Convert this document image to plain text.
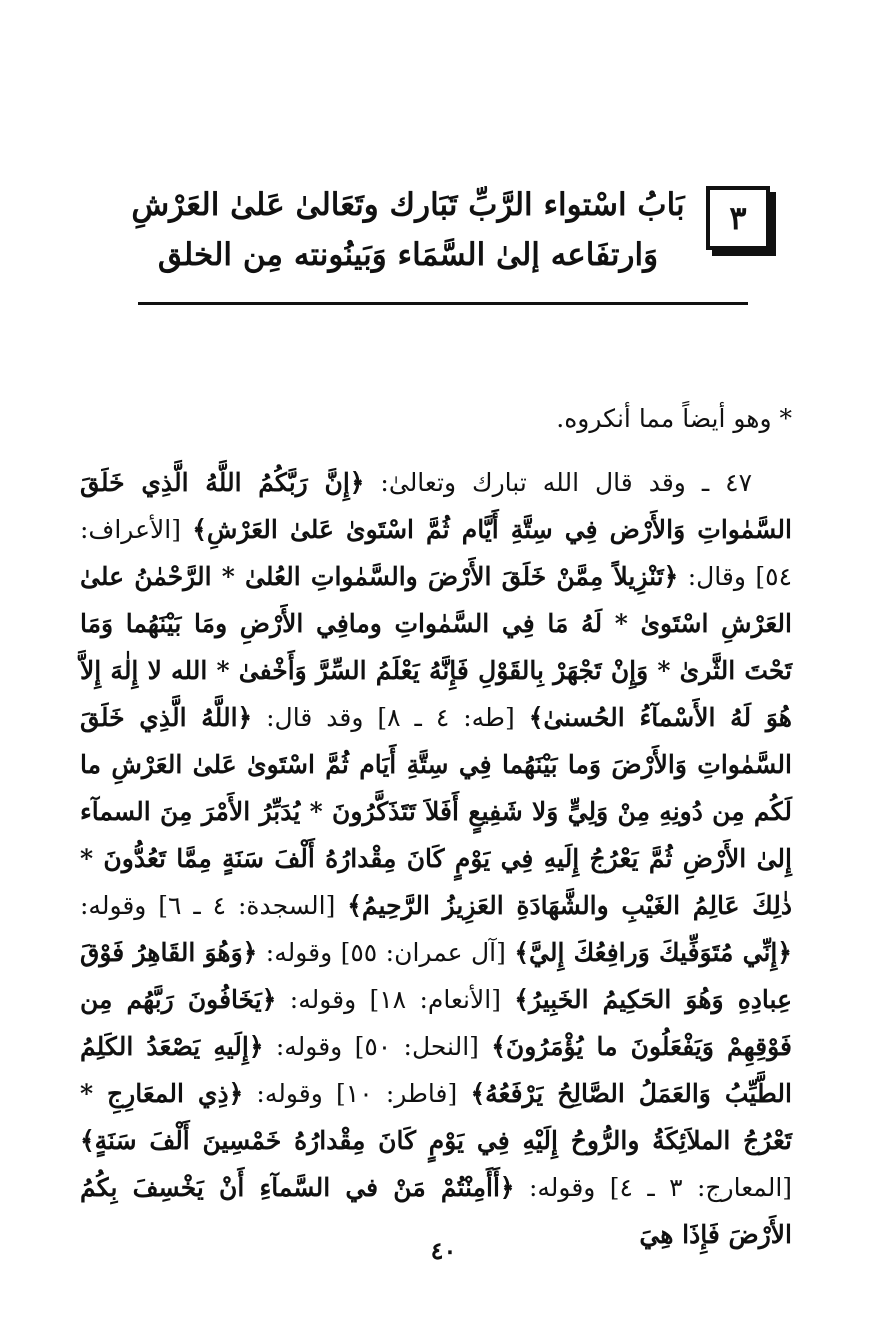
٣
بَابُ اسْتواء الرَّبِّ تَبَارك وتَعَالىٰ عَلىٰ العَرْشِ
وَارتفَاعه إلىٰ السَّمَاء وَبَينُونته مِن الخلق
* وهو أيضاً مما أنكروه.
٤٧ ـ وقد قال الله تبارك وتعالىٰ: ﴿إِنَّ رَبَّكُمُ اللَّهُ الَّذِي خَلَقَ السَّمٰواتِ وَالأَرْض فِي سِتَّةِ أَيَّام ثُمَّ اسْتَوىٰ عَلىٰ العَرْشِ﴾ [الأعراف: ٥٤] وقال: ﴿تَنْزِيلاً مِمَّنْ خَلَقَ الأَرْضَ والسَّمٰواتِ العُلىٰ * الرَّحْمٰنُ علىٰ العَرْشِ اسْتَوىٰ * لَهُ مَا فِي السَّمٰواتِ ومافِي الأَرْضِ ومَا بَيْنَهُما وَمَا تَحْتَ الثَّرىٰ * وَإِنْ تَجْهَرْ بِالقَوْلِ فَإِنَّهُ يَعْلَمُ السِّرَّ وَأَخْفىٰ * الله لا إِلٰهَ إِلاَّ هُوَ لَهُ الأَسْمآءُ الحُسنىٰ﴾ [طه: ٤ ـ ٨] وقد قال: ﴿اللَّهُ الَّذِي خَلَقَ السَّمٰواتِ وَالأَرْضَ وَما بَيْنَهُما فِي سِتَّةِ أَيَام ثُمَّ اسْتَوىٰ عَلىٰ العَرْشِ ما لَكُم مِن دُونِهِ مِنْ وَلِيٍّ وَلا شَفِيعٍ أَفَلاَ تَتَذَكَّرُونَ * يُدَبِّرُ الأَمْرَ مِنَ السمآء إِلىٰ الأَرْضِ ثُمَّ يَعْرُجُ إِلَيهِ فِي يَوْمٍ كَانَ مِقْدارُهُ أَلْفَ سَنَةٍ مِمَّا تَعُدُّونَ * ذٰلِكَ عَالِمُ الغَيْبِ والشَّهَادَةِ العَزِيزُ الرَّحِيمُ﴾ [السجدة: ٤ ـ ٦] وقوله: ﴿إِنِّي مُتَوَفِّيكَ وَرافِعُكَ إِليَّ﴾ [آل عمران: ٥٥] وقوله: ﴿وَهُوَ القَاهِرُ فَوْقَ عِبادِهِ وَهُوَ الحَكِيمُ الخَبِيرُ﴾ [الأنعام: ١٨] وقوله: ﴿يَخَافُونَ رَبَّهُم مِن فَوْقِهِمْ وَيَفْعَلُونَ ما يُؤْمَرُونَ﴾ [النحل: ٥٠] وقوله: ﴿إِلَيهِ يَصْعَدُ الكَلِمُ الطَّيِّبُ وَالعَمَلُ الصَّالِحُ يَرْفَعُهُ﴾ [فاطر: ١٠] وقوله: ﴿ذِي المعَارِجِ * تَعْرُجُ الملاَئِكَةُ والرُّوحُ إِلَيْهِ فِي يَوْمٍ كَانَ مِقْدارُهُ خَمْسِينَ أَلْفَ سَنَةٍ﴾ [المعارج: ٣ ـ ٤] وقوله: ﴿أَأَمِنْتُمْ مَنْ في السَّمآءِ أَنْ يَخْسِفَ بِكُمُ الأَرْضَ فَإِذَا هِيَ
٤٠
